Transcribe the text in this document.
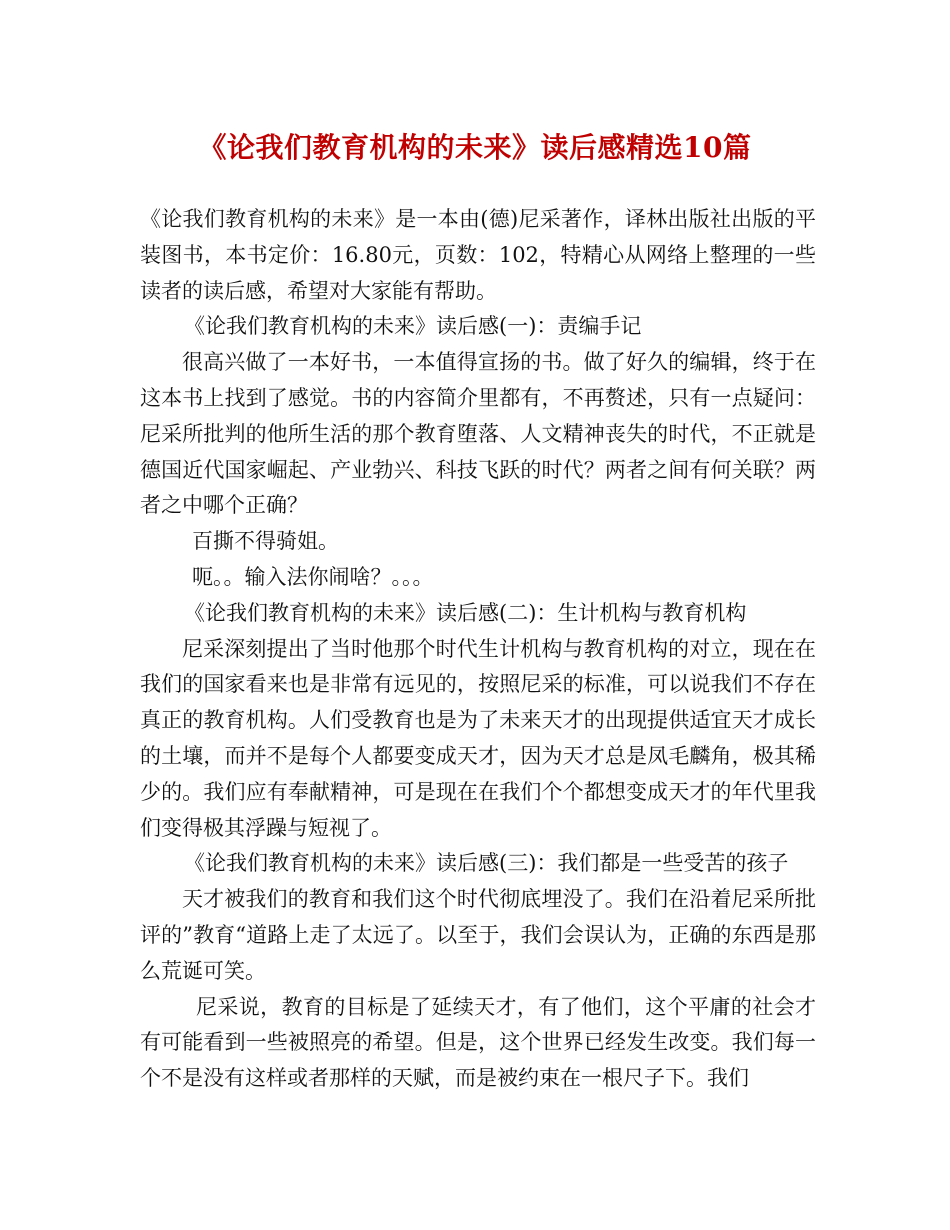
《论我们教育机构的未来》读后感精选10篇

《论我们教育机构的未来》是一本由(德)尼采著作，译林出版社出版的平装图书，本书定价：16.80元，页数：102，特精心从网络上整理的一些读者的读后感，希望对大家能有帮助。

《论我们教育机构的未来》读后感(一)：责编手记

很高兴做了一本好书，一本值得宣扬的书。做了好久的编辑，终于在这本书上找到了感觉。书的内容简介里都有，不再赘述，只有一点疑问：尼采所批判的他所生活的那个教育堕落、人文精神丧失的时代，不正就是德国近代国家崛起、产业勃兴、科技飞跃的时代？两者之间有何关联？两者之中哪个正确？

百撕不得骑姐。

呃。。输入法你闹啥？。。。

《论我们教育机构的未来》读后感(二)：生计机构与教育机构

尼采深刻提出了当时他那个时代生计机构与教育机构的对立，现在在我们的国家看来也是非常有远见的，按照尼采的标准，可以说我们不存在真正的教育机构。人们受教育也是为了未来天才的出现提供适宜天才成长的土壤，而并不是每个人都要变成天才，因为天才总是凤毛麟角，极其稀少的。我们应有奉献精神，可是现在在我们个个都想变成天才的年代里我们变得极其浮躁与短视了。

《论我们教育机构的未来》读后感(三)：我们都是一些受苦的孩子

天才被我们的教育和我们这个时代彻底埋没了。我们在沿着尼采所批评的”教育“道路上走了太远了。以至于，我们会误认为，正确的东西是那么荒诞可笑。

尼采说，教育的目标是了延续天才，有了他们，这个平庸的社会才有可能看到一些被照亮的希望。但是，这个世界已经发生改变。我们每一个不是没有这样或者那样的天赋，而是被约束在一根尺子下。我们
